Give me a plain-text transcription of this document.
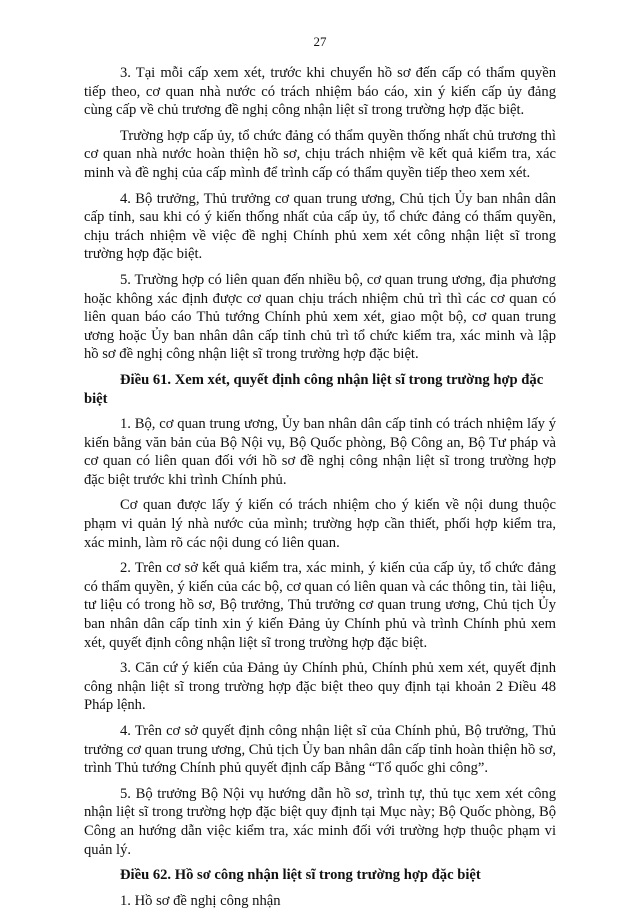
27

3. Tại mỗi cấp xem xét, trước khi chuyển hồ sơ đến cấp có thẩm quyền tiếp theo, cơ quan nhà nước có trách nhiệm báo cáo, xin ý kiến cấp ủy đảng cùng cấp về chủ trương đề nghị công nhận liệt sĩ trong trường hợp đặc biệt.

Trường hợp cấp ủy, tổ chức đảng có thẩm quyền thống nhất chủ trương thì cơ quan nhà nước hoàn thiện hồ sơ, chịu trách nhiệm về kết quả kiểm tra, xác minh và đề nghị của cấp mình để trình cấp có thẩm quyền tiếp theo xem xét.

4. Bộ trưởng, Thủ trưởng cơ quan trung ương, Chủ tịch Ủy ban nhân dân cấp tỉnh, sau khi có ý kiến thống nhất của cấp ủy, tổ chức đảng có thẩm quyền, chịu trách nhiệm về việc đề nghị Chính phủ xem xét công nhận liệt sĩ trong trường hợp đặc biệt.

5. Trường hợp có liên quan đến nhiều bộ, cơ quan trung ương, địa phương hoặc không xác định được cơ quan chịu trách nhiệm chủ trì thì các cơ quan có liên quan báo cáo Thủ tướng Chính phủ xem xét, giao một bộ, cơ quan trung ương hoặc Ủy ban nhân dân cấp tỉnh chủ trì tổ chức kiểm tra, xác minh và lập hồ sơ đề nghị công nhận liệt sĩ trong trường hợp đặc biệt.

Điều 61. Xem xét, quyết định công nhận liệt sĩ trong trường hợp đặc biệt

1. Bộ, cơ quan trung ương, Ủy ban nhân dân cấp tỉnh có trách nhiệm lấy ý kiến bằng văn bản của Bộ Nội vụ, Bộ Quốc phòng, Bộ Công an, Bộ Tư pháp và cơ quan có liên quan đối với hồ sơ đề nghị công nhận liệt sĩ trong trường hợp đặc biệt trước khi trình Chính phủ.

Cơ quan được lấy ý kiến có trách nhiệm cho ý kiến về nội dung thuộc phạm vi quản lý nhà nước của mình; trường hợp cần thiết, phối hợp kiểm tra, xác minh, làm rõ các nội dung có liên quan.

2. Trên cơ sở kết quả kiểm tra, xác minh, ý kiến của cấp ủy, tổ chức đảng có thẩm quyền, ý kiến của các bộ, cơ quan có liên quan và các thông tin, tài liệu, tư liệu có trong hồ sơ, Bộ trưởng, Thủ trưởng cơ quan trung ương, Chủ tịch Ủy ban nhân dân cấp tỉnh xin ý kiến Đảng ủy Chính phủ và trình Chính phủ xem xét, quyết định công nhận liệt sĩ trong trường hợp đặc biệt.

3. Căn cứ ý kiến của Đảng ủy Chính phủ, Chính phủ xem xét, quyết định công nhận liệt sĩ trong trường hợp đặc biệt theo quy định tại khoản 2 Điều 48 Pháp lệnh.

4. Trên cơ sở quyết định công nhận liệt sĩ của Chính phủ, Bộ trưởng, Thủ trưởng cơ quan trung ương, Chủ tịch Ủy ban nhân dân cấp tỉnh hoàn thiện hồ sơ, trình Thủ tướng Chính phủ quyết định cấp Bằng “Tổ quốc ghi công”.

5. Bộ trưởng Bộ Nội vụ hướng dẫn hồ sơ, trình tự, thủ tục xem xét công nhận liệt sĩ trong trường hợp đặc biệt quy định tại Mục này; Bộ Quốc phòng, Bộ Công an hướng dẫn việc kiểm tra, xác minh đối với trường hợp thuộc phạm vi quản lý.

Điều 62. Hồ sơ công nhận liệt sĩ trong trường hợp đặc biệt

1. Hồ sơ đề nghị công nhận
